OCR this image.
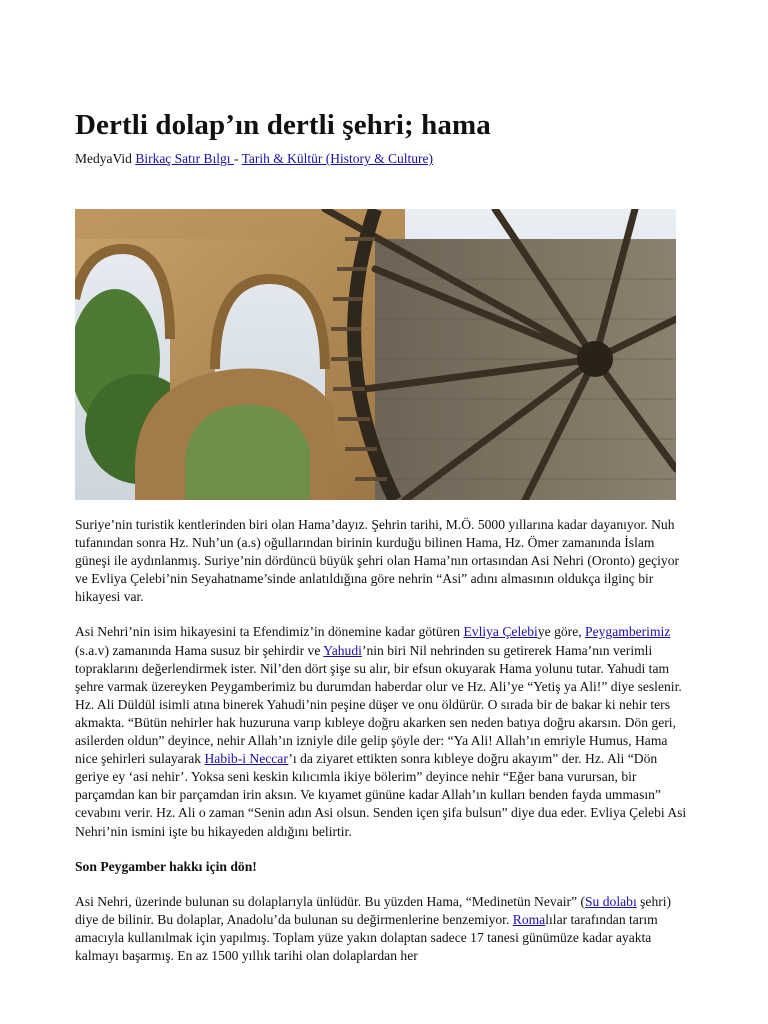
Dertli dolap’ın dertli şehri; hama
MedyaVid Birkaç Satır Bılgı - Tarih & Kültür (History & Culture)

Suriye’nin turistik kentlerinden biri olan Hama’dayız. Şehrin tarihi, M.Ö. 5000 yıllarına kadar dayanıyor. Nuh tufanından sonra Hz. Nuh’un (a.s) oğullarından birinin kurduğu bilinen Hama, Hz. Ömer zamanında İslam güneşi ile aydınlanmış. Suriye’nin dördüncü büyük şehri olan Hama’nın ortasından Asi Nehri (Oronto) geçiyor ve Evliya Çelebi’nin Seyahatname’sinde anlatıldığına göre nehrin “Asi” adını almasının oldukça ilginç bir hikayesi var.

Asi Nehri’nin isim hikayesini ta Efendimiz’in dönemine kadar götüren Evliya Çelebiye göre, Peygamberimiz (s.a.v) zamanında Hama susuz bir şehirdir ve Yahudi’nin biri Nil nehrinden su getirerek Hama’nın verimli topraklarını değerlendirmek ister. Nil’den dört şişe su alır, bir efsun okuyarak Hama yolunu tutar. Yahudi tam şehre varmak üzereyken Peygamberimiz bu durumdan haberdar olur ve Hz. Ali’ye “Yetiş ya Ali!” diye seslenir. Hz. Ali Düldül isimli atına binerek Yahudi’nin peşine düşer ve onu öldürür. O sırada bir de bakar ki nehir ters akmakta. “Bütün nehirler hak huzuruna varıp kıbleye doğru akarken sen neden batıya doğru akarsın. Dön geri, asilerden oldun” deyince, nehir Allah’ın izniyle dile gelip şöyle der: “Ya Ali! Allah’ın emriyle Humus, Hama nice şehirleri sulayarak Habib-i Neccar’ı da ziyaret ettikten sonra kıbleye doğru akayım” der. Hz. Ali “Dön geriye ey ‘asi nehir’. Yoksa seni keskin kılıcımla ikiye bölerim” deyince nehir “Eğer bana vurursan, bir parçamdan kan bir parçamdan irin aksın. Ve kıyamet gününe kadar Allah’ın kulları benden fayda ummasın” cevabını verir. Hz. Ali o zaman “Senin adın Asi olsun. Senden içen şifa bulsun” diye dua eder. Evliya Çelebi Asi Nehri’nin ismini işte bu hikayeden aldığını belirtir.

Son Peygamber hakkı için dön!

Asi Nehri, üzerinde bulunan su dolaplarıyla ünlüdür. Bu yüzden Hama, “Medinetün Nevair” (Su dolabı şehri) diye de bilinir. Bu dolaplar, Anadolu’da bulunan su değirmenlerine benzemiyor. Romalılar tarafından tarım amacıyla kullanılmak için yapılmış. Toplam yüze yakın dolaptan sadece 17 tanesi günümüze kadar ayakta kalmayı başarmış. En az 1500 yıllık tarihi olan dolaplardan her
